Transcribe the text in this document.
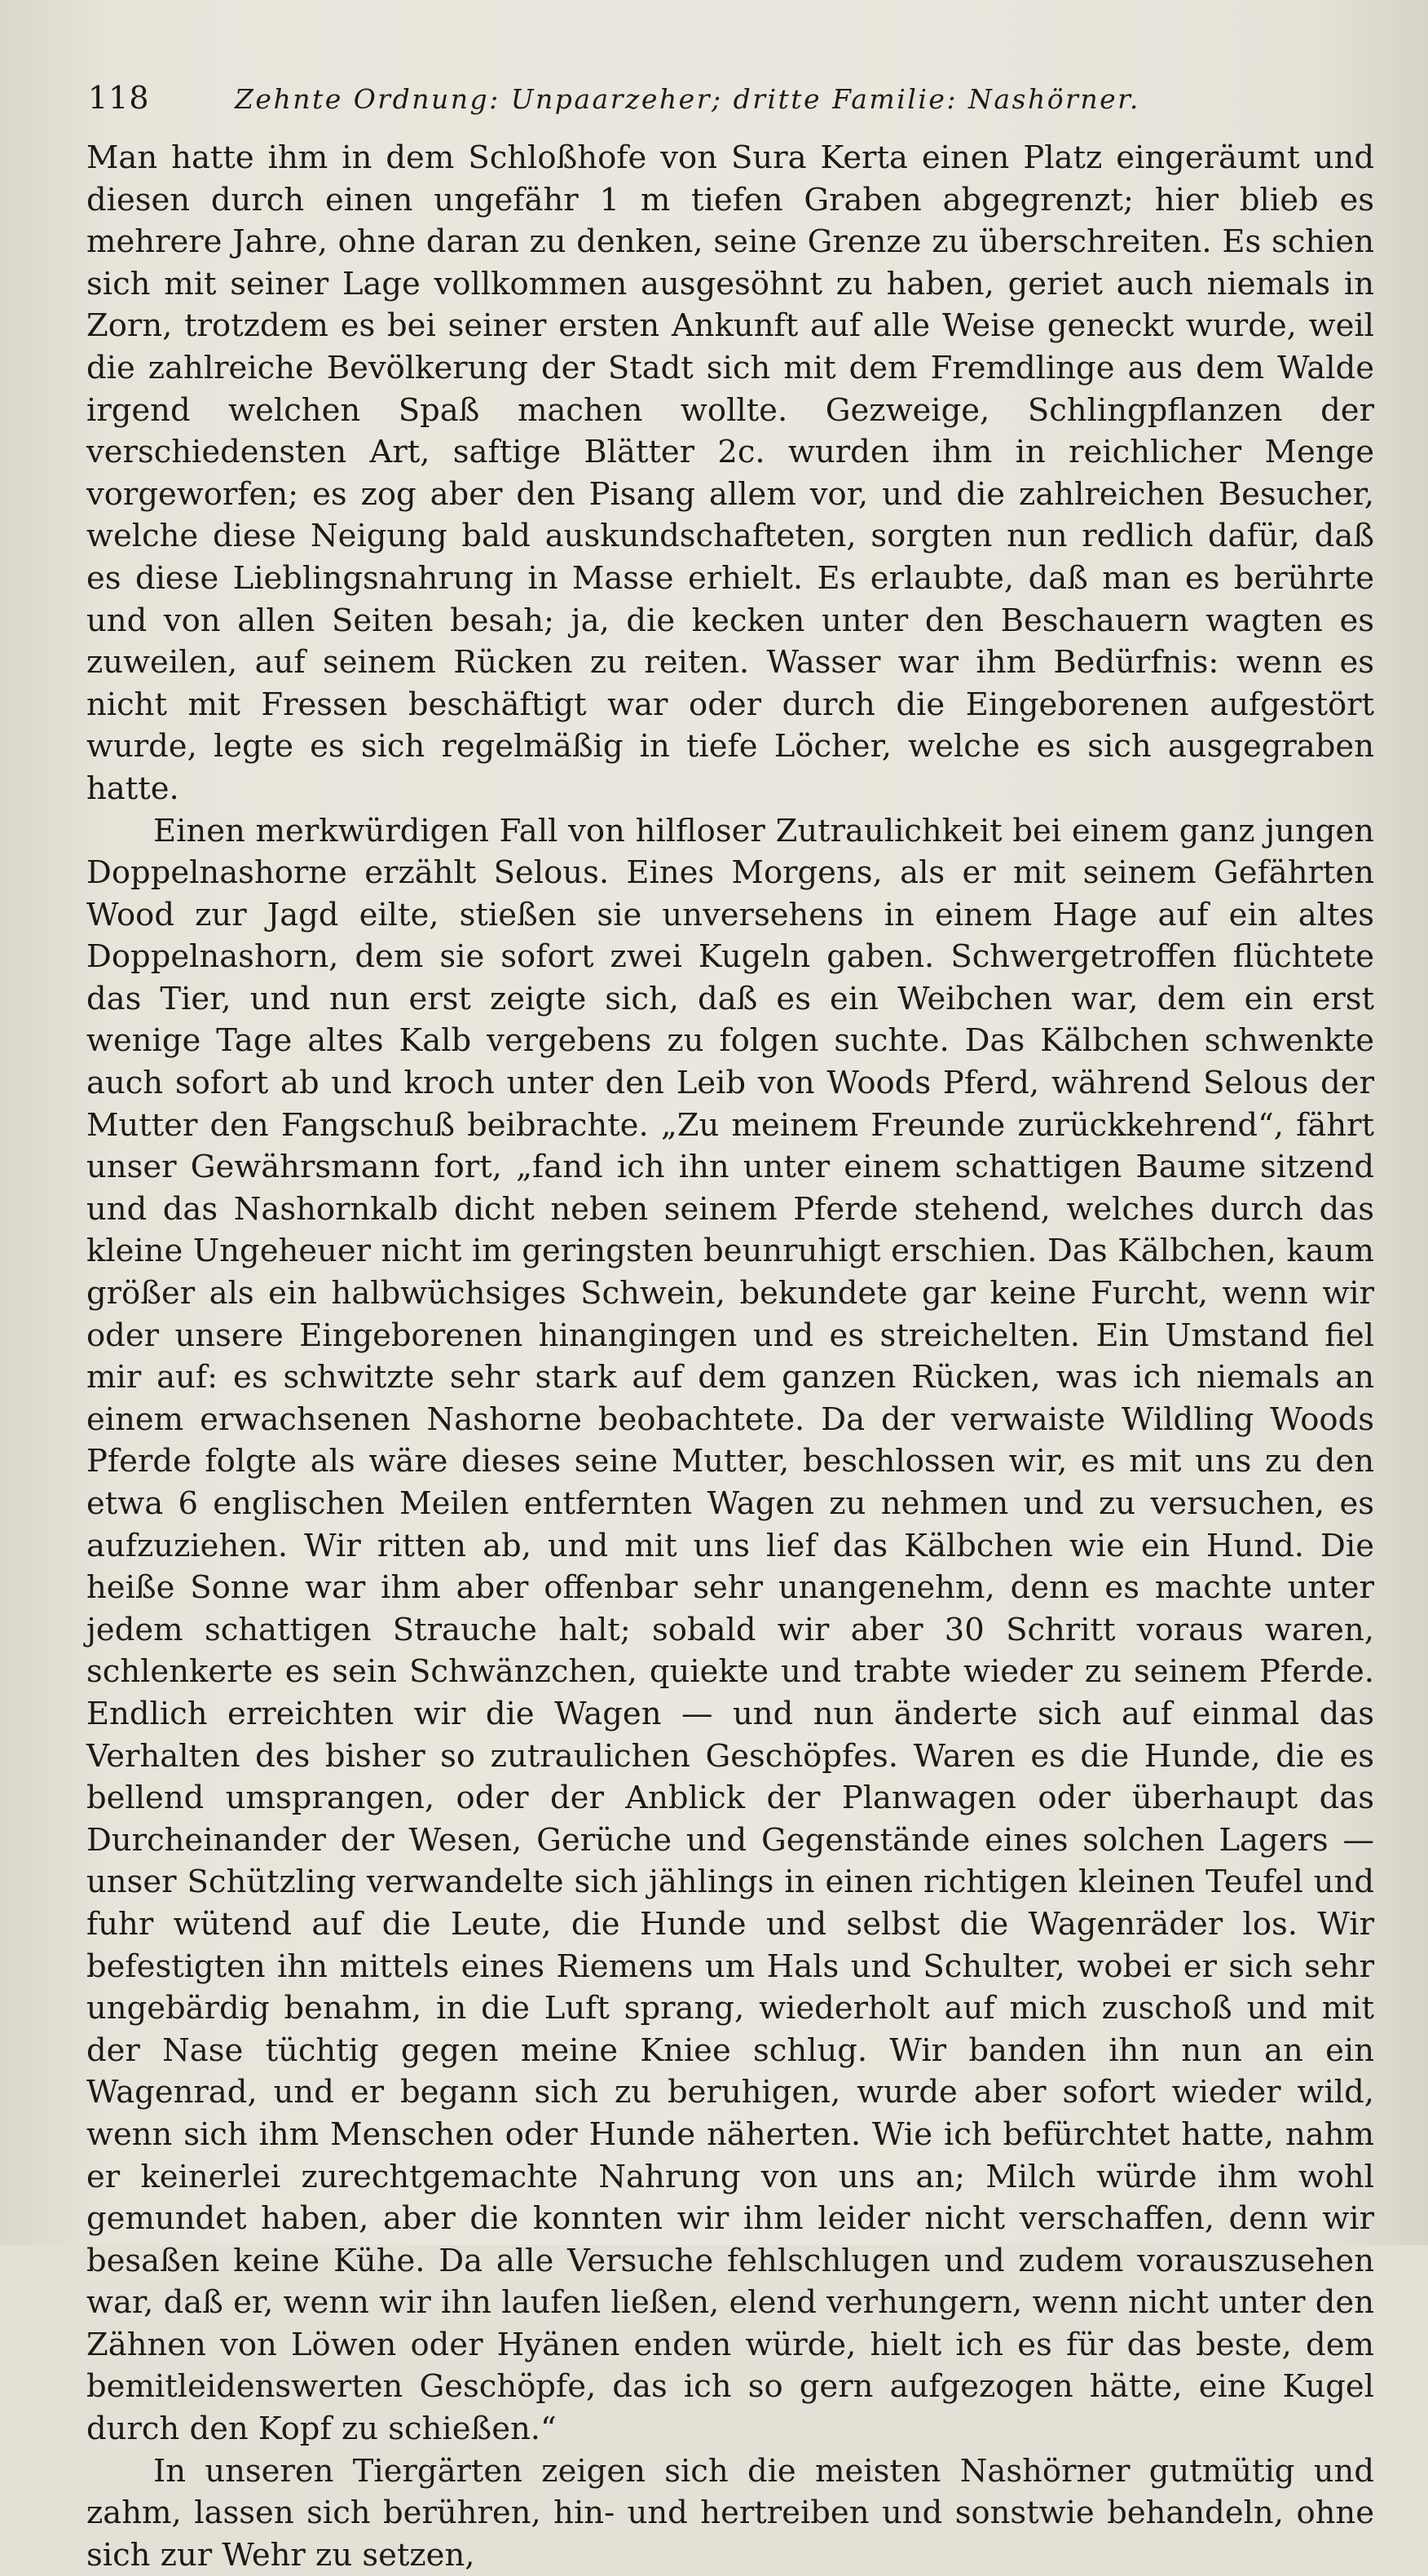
118	Zehnte Ordnung: Unpaarzeher; dritte Familie: Nashörner.

Man hatte ihm in dem Schloßhofe von Sura Kerta einen Platz eingeräumt und diesen durch einen ungefähr 1 m tiefen Graben abgegrenzt; hier blieb es mehrere Jahre, ohne daran zu denken, seine Grenze zu überschreiten. Es schien sich mit seiner Lage vollkommen ausgesöhnt zu haben, geriet auch niemals in Zorn, trotzdem es bei seiner ersten Ankunft auf alle Weise geneckt wurde, weil die zahlreiche Bevölkerung der Stadt sich mit dem Fremdlinge aus dem Walde irgend welchen Spaß machen wollte. Gezweige, Schlingpflanzen der verschiedensten Art, saftige Blätter 2c. wurden ihm in reichlicher Menge vorgeworfen; es zog aber den Pisang allem vor, und die zahlreichen Besucher, welche diese Neigung bald auskundschafteten, sorgten nun redlich dafür, daß es diese Lieblingsnahrung in Masse erhielt. Es erlaubte, daß man es berührte und von allen Seiten besah; ja, die kecken unter den Beschauern wagten es zuweilen, auf seinem Rücken zu reiten. Wasser war ihm Bedürfnis: wenn es nicht mit Fressen beschäftigt war oder durch die Eingeborenen aufgestört wurde, legte es sich regelmäßig in tiefe Löcher, welche es sich ausgegraben hatte.

Einen merkwürdigen Fall von hilfloser Zutraulichkeit bei einem ganz jungen Doppelnashorne erzählt Selous. Eines Morgens, als er mit seinem Gefährten Wood zur Jagd eilte, stießen sie unversehens in einem Hage auf ein altes Doppelnashorn, dem sie sofort zwei Kugeln gaben. Schwergetroffen flüchtete das Tier, und nun erst zeigte sich, daß es ein Weibchen war, dem ein erst wenige Tage altes Kalb vergebens zu folgen suchte. Das Kälbchen schwenkte auch sofort ab und kroch unter den Leib von Woods Pferd, während Selous der Mutter den Fangschuß beibrachte. „Zu meinem Freunde zurückkehrend“, fährt unser Gewährsmann fort, „fand ich ihn unter einem schattigen Baume sitzend und das Nashornkalb dicht neben seinem Pferde stehend, welches durch das kleine Ungeheuer nicht im geringsten beunruhigt erschien. Das Kälbchen, kaum größer als ein halbwüchsiges Schwein, bekundete gar keine Furcht, wenn wir oder unsere Eingeborenen hinangingen und es streichelten. Ein Umstand fiel mir auf: es schwitzte sehr stark auf dem ganzen Rücken, was ich niemals an einem erwachsenen Nashorne beobachtete. Da der verwaiste Wildling Woods Pferde folgte als wäre dieses seine Mutter, beschlossen wir, es mit uns zu den etwa 6 englischen Meilen entfernten Wagen zu nehmen und zu versuchen, es aufzuziehen. Wir ritten ab, und mit uns lief das Kälbchen wie ein Hund. Die heiße Sonne war ihm aber offenbar sehr unangenehm, denn es machte unter jedem schattigen Strauche halt; sobald wir aber 30 Schritt voraus waren, schlenkerte es sein Schwänzchen, quiekte und trabte wieder zu seinem Pferde. Endlich erreichten wir die Wagen — und nun änderte sich auf einmal das Verhalten des bisher so zutraulichen Geschöpfes. Waren es die Hunde, die es bellend umsprangen, oder der Anblick der Planwagen oder überhaupt das Durcheinander der Wesen, Gerüche und Gegenstände eines solchen Lagers — unser Schützling verwandelte sich jählings in einen richtigen kleinen Teufel und fuhr wütend auf die Leute, die Hunde und selbst die Wagenräder los. Wir befestigten ihn mittels eines Riemens um Hals und Schulter, wobei er sich sehr ungebärdig benahm, in die Luft sprang, wiederholt auf mich zuschoß und mit der Nase tüchtig gegen meine Kniee schlug. Wir banden ihn nun an ein Wagenrad, und er begann sich zu beruhigen, wurde aber sofort wieder wild, wenn sich ihm Menschen oder Hunde näherten. Wie ich befürchtet hatte, nahm er keinerlei zurechtgemachte Nahrung von uns an; Milch würde ihm wohl gemundet haben, aber die konnten wir ihm leider nicht verschaffen, denn wir besaßen keine Kühe. Da alle Versuche fehlschlugen und zudem vorauszusehen war, daß er, wenn wir ihn laufen ließen, elend verhungern, wenn nicht unter den Zähnen von Löwen oder Hyänen enden würde, hielt ich es für das beste, dem bemitleidenswerten Geschöpfe, das ich so gern aufgezogen hätte, eine Kugel durch den Kopf zu schießen.“

In unseren Tiergärten zeigen sich die meisten Nashörner gutmütig und zahm, lassen sich berühren, hin- und hertreiben und sonstwie behandeln, ohne sich zur Wehr zu setzen,
